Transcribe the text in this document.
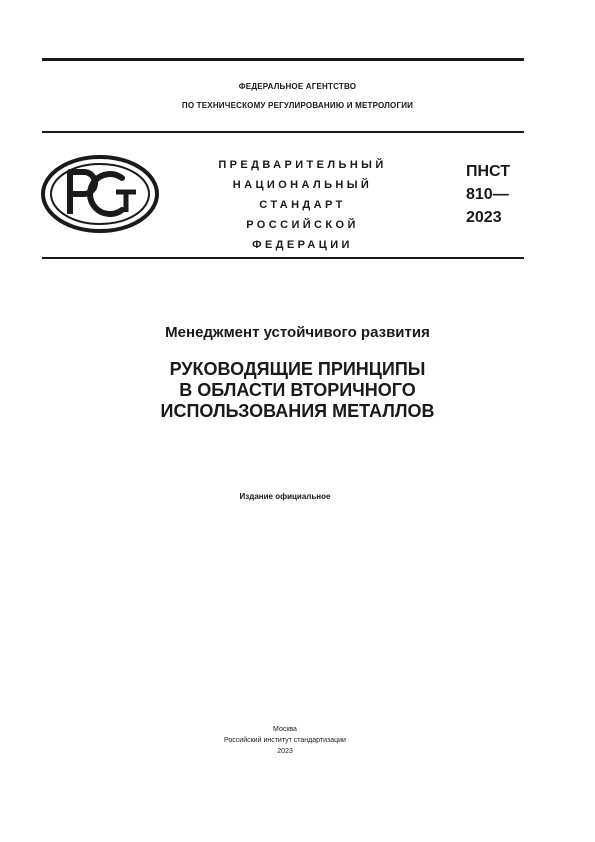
ФЕДЕРАЛЬНОЕ АГЕНТСТВО
ПО ТЕХНИЧЕСКОМУ РЕГУЛИРОВАНИЮ И МЕТРОЛОГИИ
ПРЕДВАРИТЕЛЬНЫЙ
НАЦИОНАЛЬНЫЙ
СТАНДАРТ
РОССИЙСКОЙ
ФЕДЕРАЦИИ
ПНСТ
810—
2023
Менеджмент устойчивого развития
РУКОВОДЯЩИЕ ПРИНЦИПЫ
В ОБЛАСТИ ВТОРИЧНОГО
ИСПОЛЬЗОВАНИЯ МЕТАЛЛОВ
Издание официальное
Москва
Российский институт стандартизации
2023
